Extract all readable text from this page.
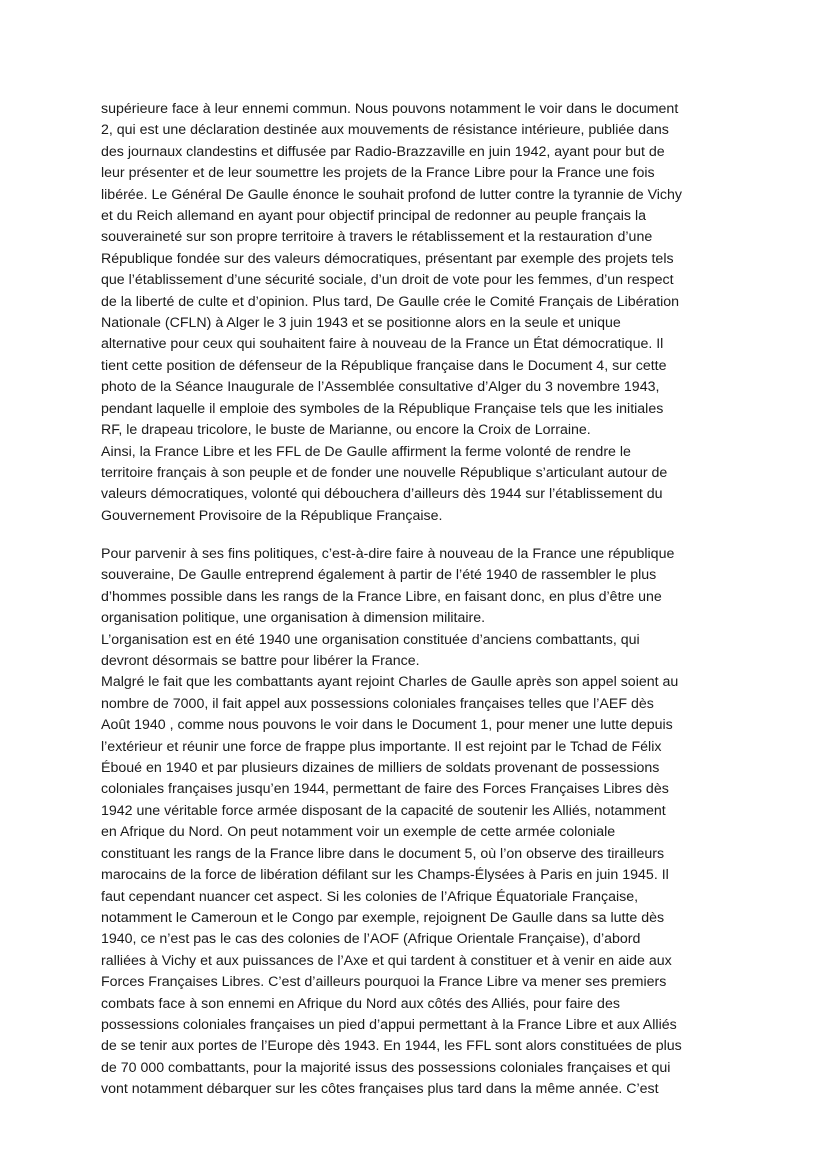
supérieure face à leur ennemi commun. Nous pouvons notamment le voir dans le document
2, qui est une déclaration destinée aux mouvements de résistance intérieure, publiée dans
des journaux clandestins et diffusée par Radio-Brazzaville en juin 1942, ayant pour but de
leur présenter et de leur soumettre les projets de la France Libre pour la France une fois
libérée. Le Général De Gaulle énonce le souhait profond de lutter contre la tyrannie de Vichy
et du Reich allemand en ayant pour objectif principal de redonner au peuple français la
souveraineté sur son propre territoire à travers le rétablissement et la restauration d’une
République fondée sur des valeurs démocratiques, présentant par exemple des projets tels
que l’établissement d’une sécurité sociale, d’un droit de vote pour les femmes, d’un respect
de la liberté de culte et d’opinion. Plus tard, De Gaulle crée le Comité Français de Libération
Nationale (CFLN) à Alger le 3 juin 1943 et se positionne alors en la seule et unique
alternative pour ceux qui souhaitent faire à nouveau de la France un État démocratique. Il
tient cette position de défenseur de la République française dans le Document 4, sur cette
photo de la Séance Inaugurale de l’Assemblée consultative d’Alger du 3 novembre 1943,
pendant laquelle il emploie des symboles de la République Française tels que les initiales
RF, le drapeau tricolore, le buste de Marianne, ou encore la Croix de Lorraine.
Ainsi, la France Libre et les FFL de De Gaulle affirment la ferme volonté de rendre le
territoire français à son peuple et de fonder une nouvelle République s’articulant autour de
valeurs démocratiques, volonté qui débouchera d’ailleurs dès 1944 sur l’établissement du
Gouvernement Provisoire de la République Française.
Pour parvenir à ses fins politiques, c’est-à-dire faire à nouveau de la France une république
souveraine, De Gaulle entreprend également à partir de l’été 1940 de rassembler le plus
d’hommes possible dans les rangs de la France Libre, en faisant donc, en plus d’être une
organisation politique, une organisation à dimension militaire.
L’organisation est en été 1940 une organisation constituée d’anciens combattants, qui
devront désormais se battre pour libérer la France.
Malgré le fait que les combattants ayant rejoint Charles de Gaulle après son appel soient au
nombre de 7000, il fait appel aux possessions coloniales françaises telles que l’AEF dès
Août 1940 , comme nous pouvons le voir dans le Document 1, pour mener une lutte depuis
l’extérieur et réunir une force de frappe plus importante. Il est rejoint par le Tchad de Félix
Éboué en 1940 et par plusieurs dizaines de milliers de soldats provenant de possessions
coloniales françaises jusqu’en 1944, permettant de faire des Forces Françaises Libres dès
1942 une véritable force armée disposant de la capacité de soutenir les Alliés, notamment
en Afrique du Nord. On peut notamment voir un exemple de cette armée coloniale
constituant les rangs de la France libre dans le document 5, où l’on observe des tirailleurs
marocains de la force de libération défilant sur les Champs-Élysées à Paris en juin 1945. Il
faut cependant nuancer cet aspect. Si les colonies de l’Afrique Équatoriale Française,
notamment le Cameroun et le Congo par exemple, rejoignent De Gaulle dans sa lutte dès
1940, ce n’est pas le cas des colonies de l’AOF (Afrique Orientale Française), d’abord
ralliées à Vichy et aux puissances de l’Axe et qui tardent à constituer et à venir en aide aux
Forces Françaises Libres. C’est d’ailleurs pourquoi la France Libre va mener ses premiers
combats face à son ennemi en Afrique du Nord aux côtés des Alliés, pour faire des
possessions coloniales françaises un pied d’appui permettant à la France Libre et aux Alliés
de se tenir aux portes de l’Europe dès 1943. En 1944, les FFL sont alors constituées de plus
de 70 000 combattants, pour la majorité issus des possessions coloniales françaises et qui
vont notamment débarquer sur les côtes françaises plus tard dans la même année. C’est
